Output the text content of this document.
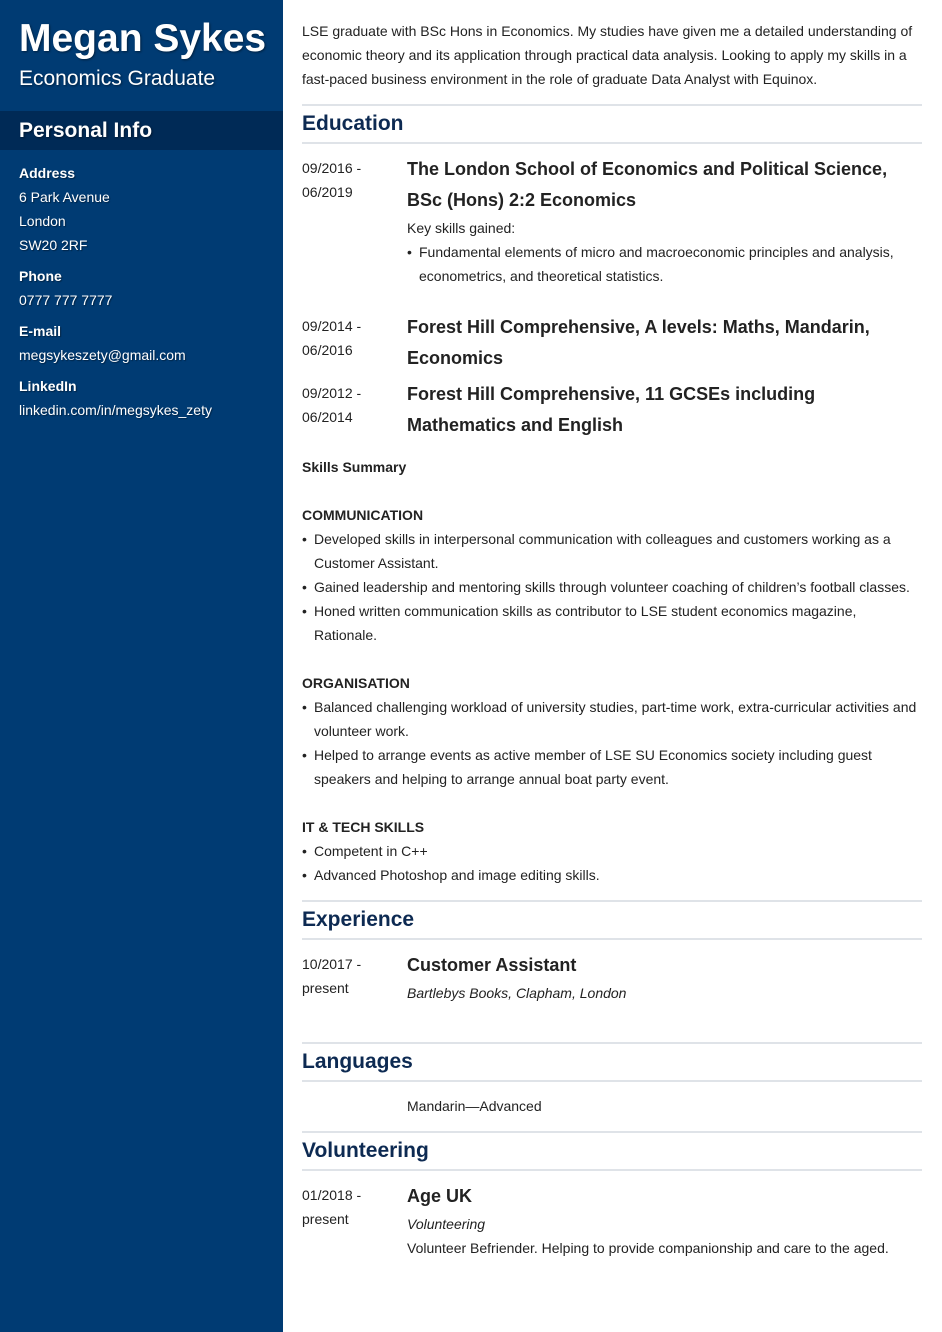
Megan Sykes
Economics Graduate
Personal Info
Address
6 Park Avenue
London
SW20 2RF
Phone
0777 777 7777
E-mail
megsykeszety@gmail.com
LinkedIn
linkedin.com/in/megsykes_zety

LSE graduate with BSc Hons in Economics. My studies have given me a detailed understanding of economic theory and its application through practical data analysis. Looking to apply my skills in a fast-paced business environment in the role of graduate Data Analyst with Equinox.

Education
09/2016 -
06/2019
The London School of Economics and Political Science, BSc (Hons) 2:2 Economics
Key skills gained:
• Fundamental elements of micro and macroeconomic principles and analysis, econometrics, and theoretical statistics.
09/2014 -
06/2016
Forest Hill Comprehensive, A levels: Maths, Mandarin, Economics
09/2012 -
06/2014
Forest Hill Comprehensive, 11 GCSEs including Mathematics and English
Skills Summary
COMMUNICATION
• Developed skills in interpersonal communication with colleagues and customers working as a Customer Assistant.
• Gained leadership and mentoring skills through volunteer coaching of children’s football classes.
• Honed written communication skills as contributor to LSE student economics magazine, Rationale.
ORGANISATION
• Balanced challenging workload of university studies, part-time work, extra-curricular activities and volunteer work.
• Helped to arrange events as active member of LSE SU Economics society including guest speakers and helping to arrange annual boat party event.
IT & TECH SKILLS
• Competent in C++
• Advanced Photoshop and image editing skills.
Experience
10/2017 -
present
Customer Assistant
Bartlebys Books, Clapham, London
Languages
Mandarin—Advanced
Volunteering
01/2018 -
present
Age UK
Volunteering
Volunteer Befriender. Helping to provide companionship and care to the aged.
